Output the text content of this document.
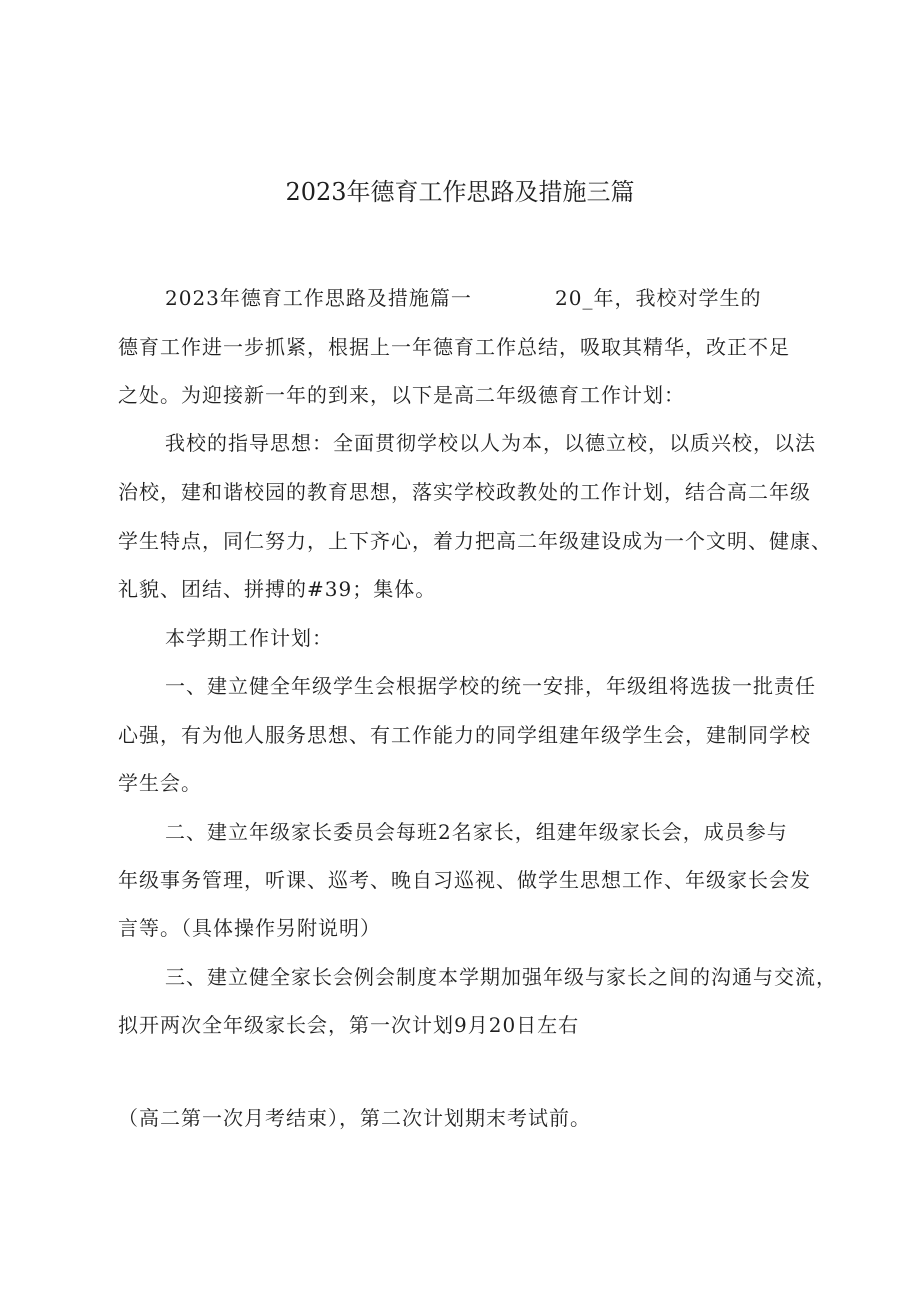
2023年德育工作思路及措施三篇
2023年德育工作思路及措施篇一	20_年，我校对学生的
德育工作进一步抓紧，根据上一年德育工作总结，吸取其精华，改正不足
之处。为迎接新一年的到来，以下是高二年级德育工作计划：
我校的指导思想：全面贯彻学校以人为本，以德立校，以质兴校，以法
治校，建和谐校园的教育思想，落实学校政教处的工作计划，结合高二年级
学生特点，同仁努力，上下齐心，着力把高二年级建设成为一个文明、健康、
礼貌、团结、拼搏的#39；集体。
本学期工作计划：
一、建立健全年级学生会根据学校的统一安排，年级组将选拔一批责任
心强，有为他人服务思想、有工作能力的同学组建年级学生会，建制同学校
学生会。
二、建立年级家长委员会每班2名家长，组建年级家长会，成员参与
年级事务管理，听课、巡考、晚自习巡视、做学生思想工作、年级家长会发
言等。（具体操作另附说明）
三、建立健全家长会例会制度本学期加强年级与家长之间的沟通与交流，
拟开两次全年级家长会，第一次计划9月20日左右
（高二第一次月考结束），第二次计划期末考试前。
